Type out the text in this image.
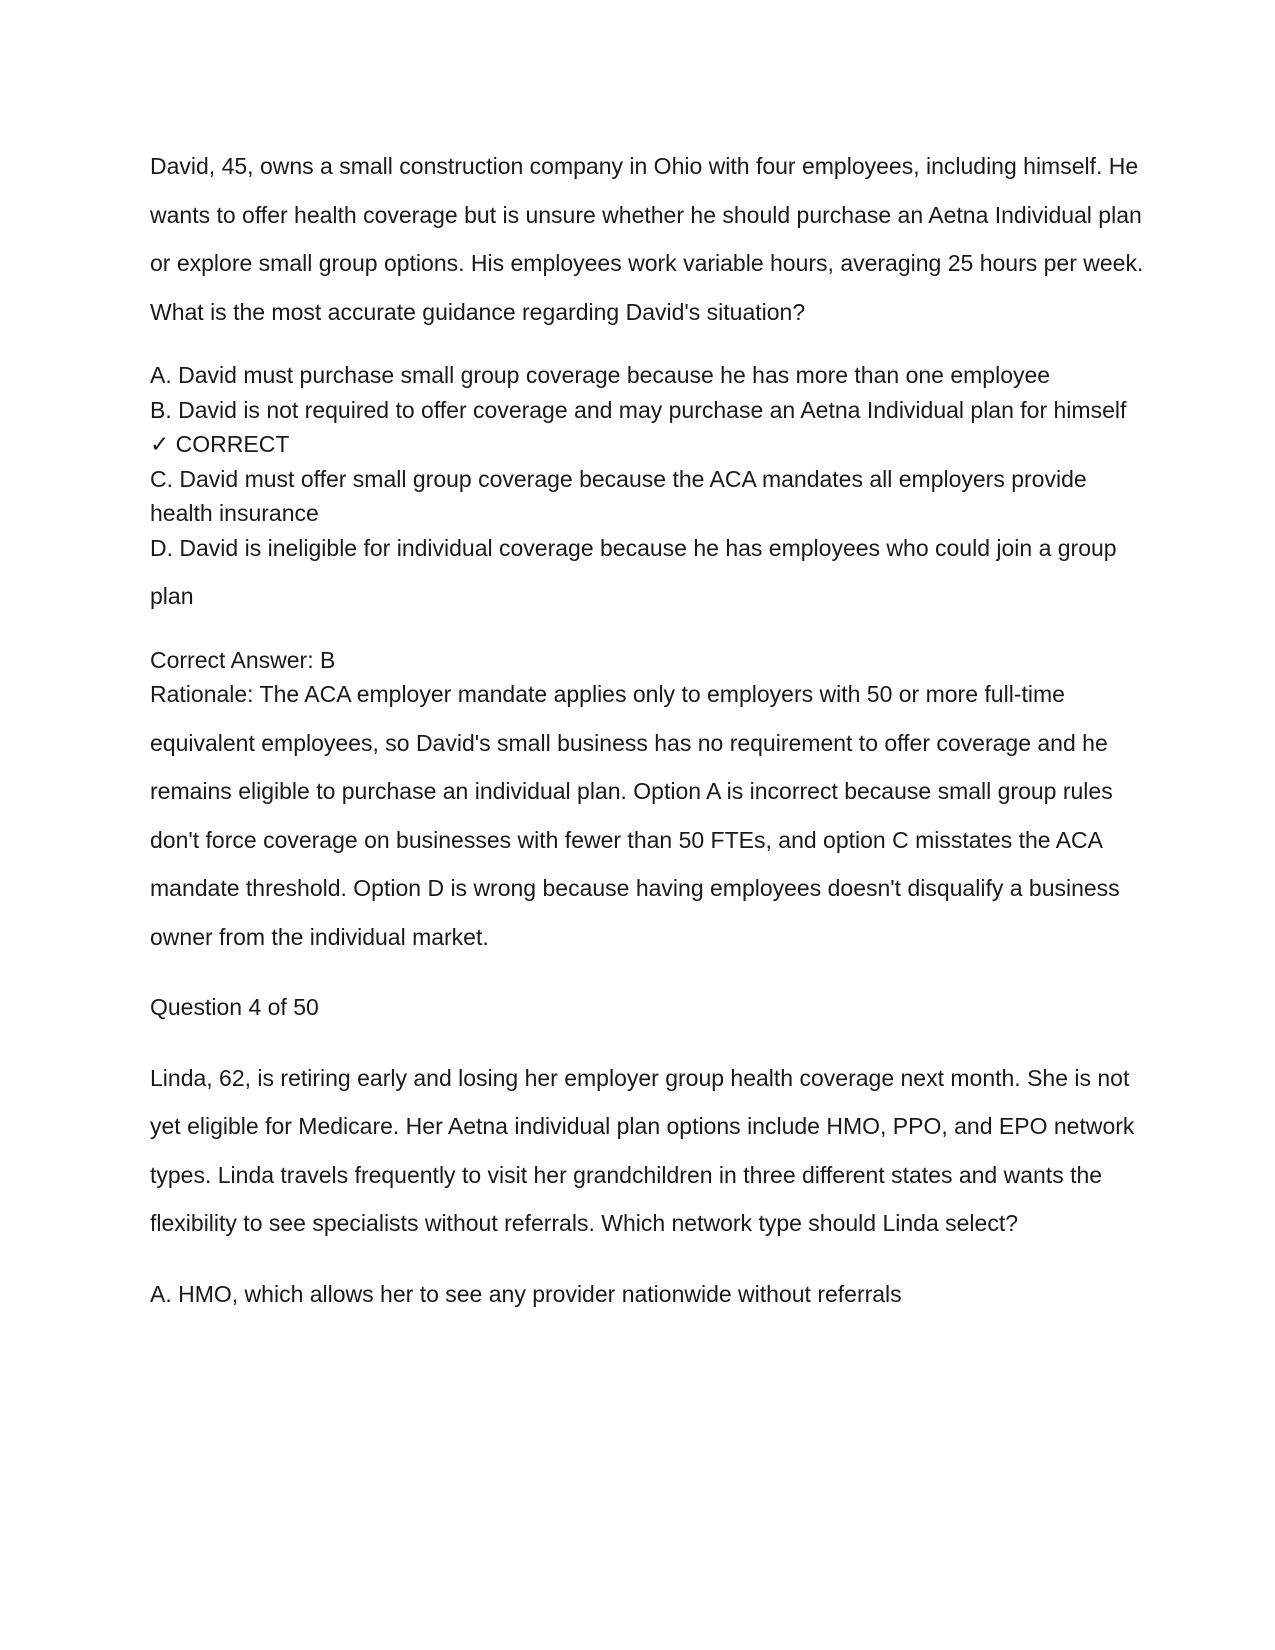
David, 45, owns a small construction company in Ohio with four employees, including himself. He wants to offer health coverage but is unsure whether he should purchase an Aetna Individual plan or explore small group options. His employees work variable hours, averaging 25 hours per week. What is the most accurate guidance regarding David's situation?

A. David must purchase small group coverage because he has more than one employee

B. David is not required to offer coverage and may purchase an Aetna Individual plan for himself ✓ CORRECT

C. David must offer small group coverage because the ACA mandates all employers provide health insurance

D. David is ineligible for individual coverage because he has employees who could join a group plan

Correct Answer: B

Rationale: The ACA employer mandate applies only to employers with 50 or more full-time equivalent employees, so David's small business has no requirement to offer coverage and he remains eligible to purchase an individual plan. Option A is incorrect because small group rules don't force coverage on businesses with fewer than 50 FTEs, and option C misstates the ACA mandate threshold. Option D is wrong because having employees doesn't disqualify a business owner from the individual market.

Question 4 of 50

Linda, 62, is retiring early and losing her employer group health coverage next month. She is not yet eligible for Medicare. Her Aetna individual plan options include HMO, PPO, and EPO network types. Linda travels frequently to visit her grandchildren in three different states and wants the flexibility to see specialists without referrals. Which network type should Linda select?

A. HMO, which allows her to see any provider nationwide without referrals
